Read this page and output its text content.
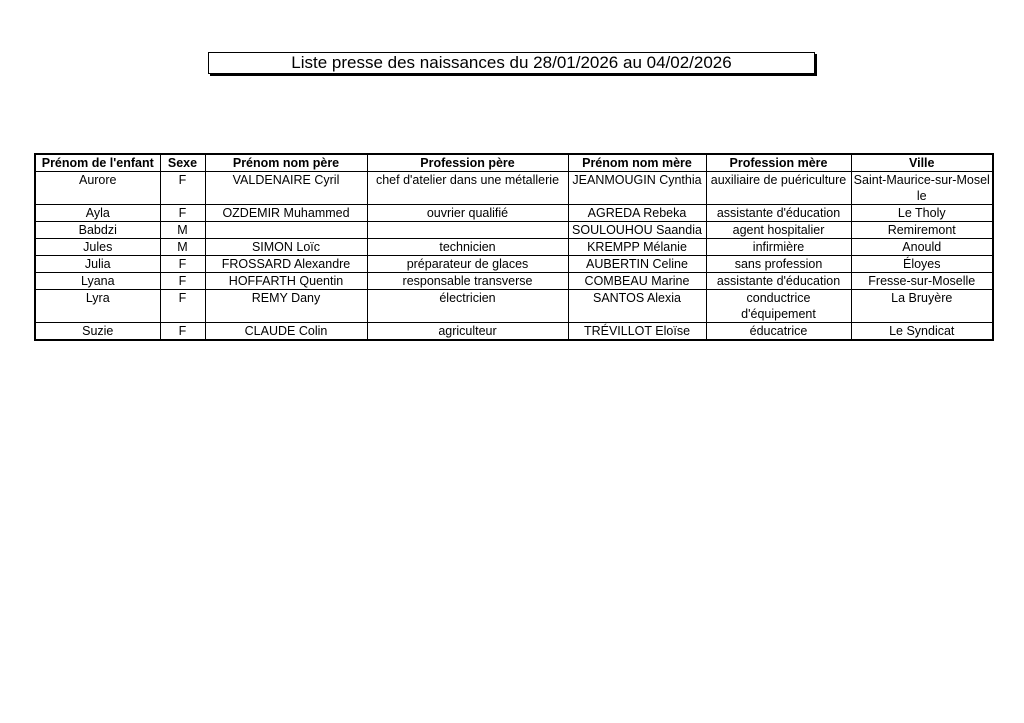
Liste presse des naissances du 28/01/2026 au 04/02/2026
Prénom de l'enfant	Sexe	Prénom nom père	Profession père	Prénom nom mère	Profession mère	Ville
Aurore	F	VALDENAIRE Cyril	chef d'atelier dans une métallerie	JEANMOUGIN Cynthia	auxiliaire de puériculture	Saint-Maurice-sur-Moselle
Ayla	F	OZDEMIR Muhammed	ouvrier qualifié	AGREDA Rebeka	assistante d'éducation	Le Tholy
Babdzi	M			SOULOUHOU Saandia	agent hospitalier	Remiremont
Jules	M	SIMON Loïc	technicien	KREMPP Mélanie	infirmière	Anould
Julia	F	FROSSARD Alexandre	préparateur de glaces	AUBERTIN Celine	sans profession	Éloyes
Lyana	F	HOFFARTH Quentin	responsable transverse	COMBEAU Marine	assistante d'éducation	Fresse-sur-Moselle
Lyra	F	REMY Dany	électricien	SANTOS Alexia	conductrice d'équipement	La Bruyère
Suzie	F	CLAUDE Colin	agriculteur	TRÉVILLOT Eloïse	éducatrice	Le Syndicat
